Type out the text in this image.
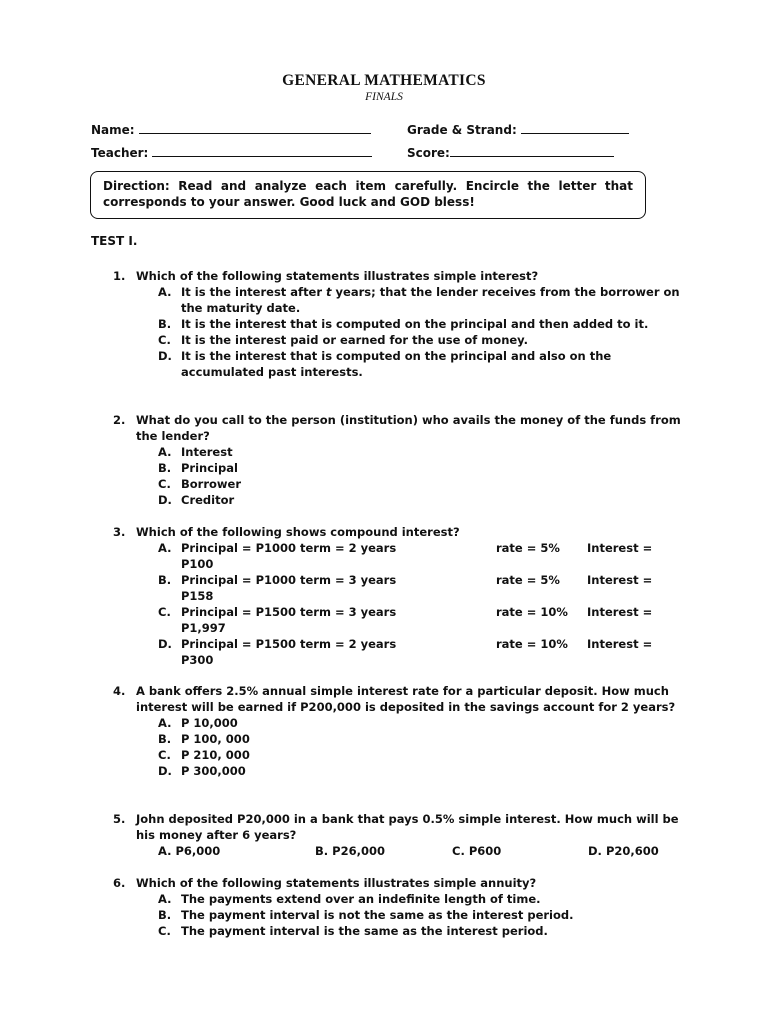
GENERAL MATHEMATICS
FINALS
Name:	Grade & Strand:
Teacher:	Score:
Direction: Read and analyze each item carefully. Encircle the letter that corresponds to your answer. Good luck and GOD bless!
TEST I.
1. Which of the following statements illustrates simple interest?
A. It is the interest after t years; that the lender receives from the borrower on the maturity date.
B. It is the interest that is computed on the principal and then added to it.
C. It is the interest paid or earned for the use of money.
D. It is the interest that is computed on the principal and also on the accumulated past interests.
2. What do you call to the person (institution) who avails the money of the funds from the lender?
A. Interest
B. Principal
C. Borrower
D. Creditor
3. Which of the following shows compound interest?
A. Principal = P1000 term = 2 years	rate = 5% Interest =
P100
B. Principal = P1000 term = 3 years	rate = 5% Interest =
P158
C. Principal = P1500 term = 3 years	rate = 10% Interest =
P1,997
D. Principal = P1500 term = 2 years	rate = 10% Interest =
P300
4. A bank offers 2.5% annual simple interest rate for a particular deposit. How much interest will be earned if P200,000 is deposited in the savings account for 2 years?
A. P 10,000
B. P 100, 000
C. P 210, 000
D. P 300,000
5. John deposited P20,000 in a bank that pays 0.5% simple interest. How much will be his money after 6 years?
A. P6,000	B. P26,000	C. P600	D. P20,600
6. Which of the following statements illustrates simple annuity?
A. The payments extend over an indefinite length of time.
B. The payment interval is not the same as the interest period.
C. The payment interval is the same as the interest period.
